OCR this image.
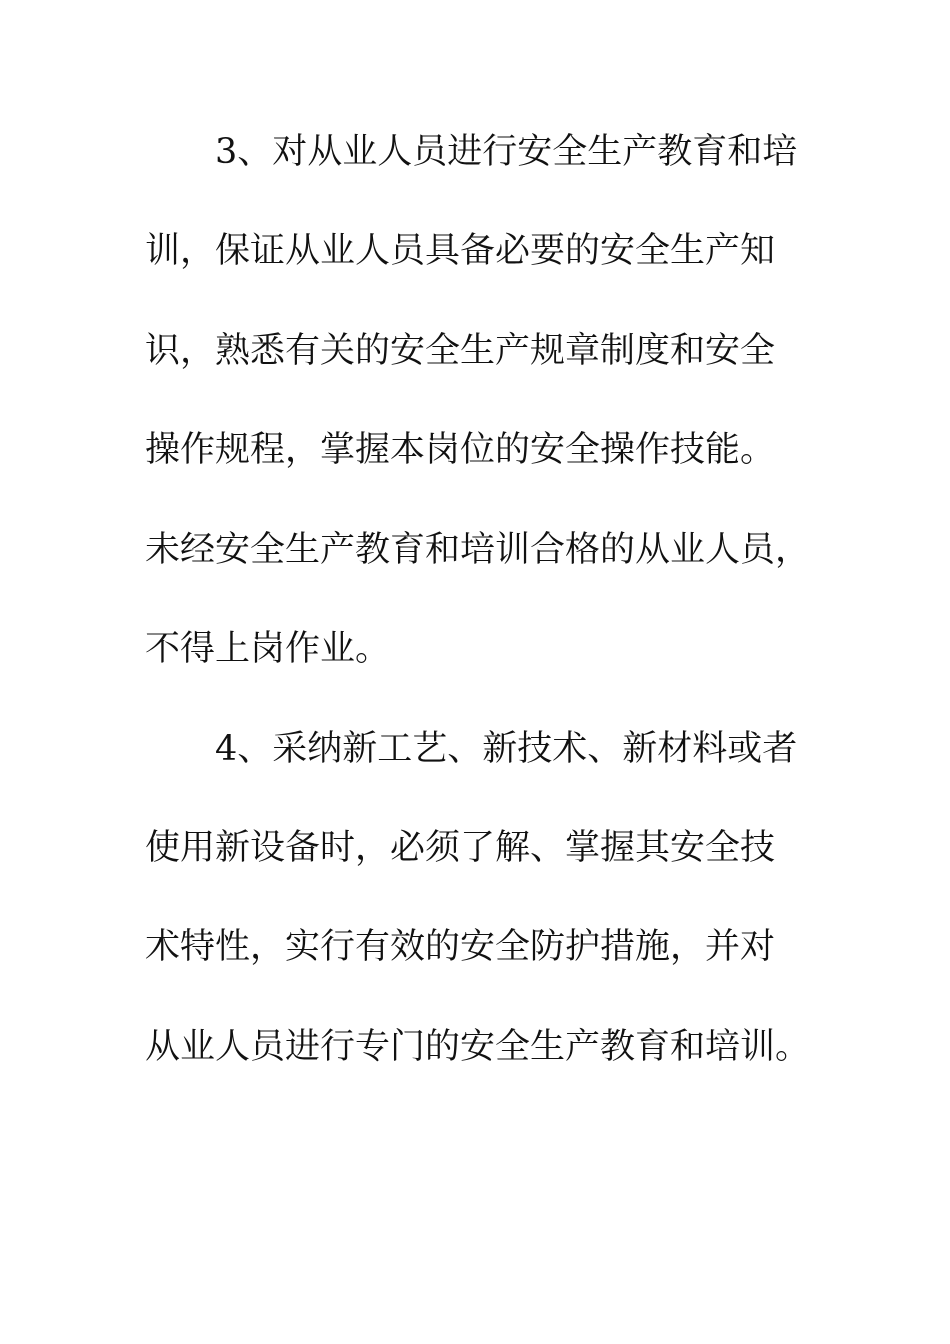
3、对从业人员进行安全生产教育和培
训，保证从业人员具备必要的安全生产知
识，熟悉有关的安全生产规章制度和安全
操作规程，掌握本岗位的安全操作技能。
未经安全生产教育和培训合格的从业人员，
不得上岗作业。
4、采纳新工艺、新技术、新材料或者
使用新设备时，必须了解、掌握其安全技
术特性，实行有效的安全防护措施，并对
从业人员进行专门的安全生产教育和培训。
